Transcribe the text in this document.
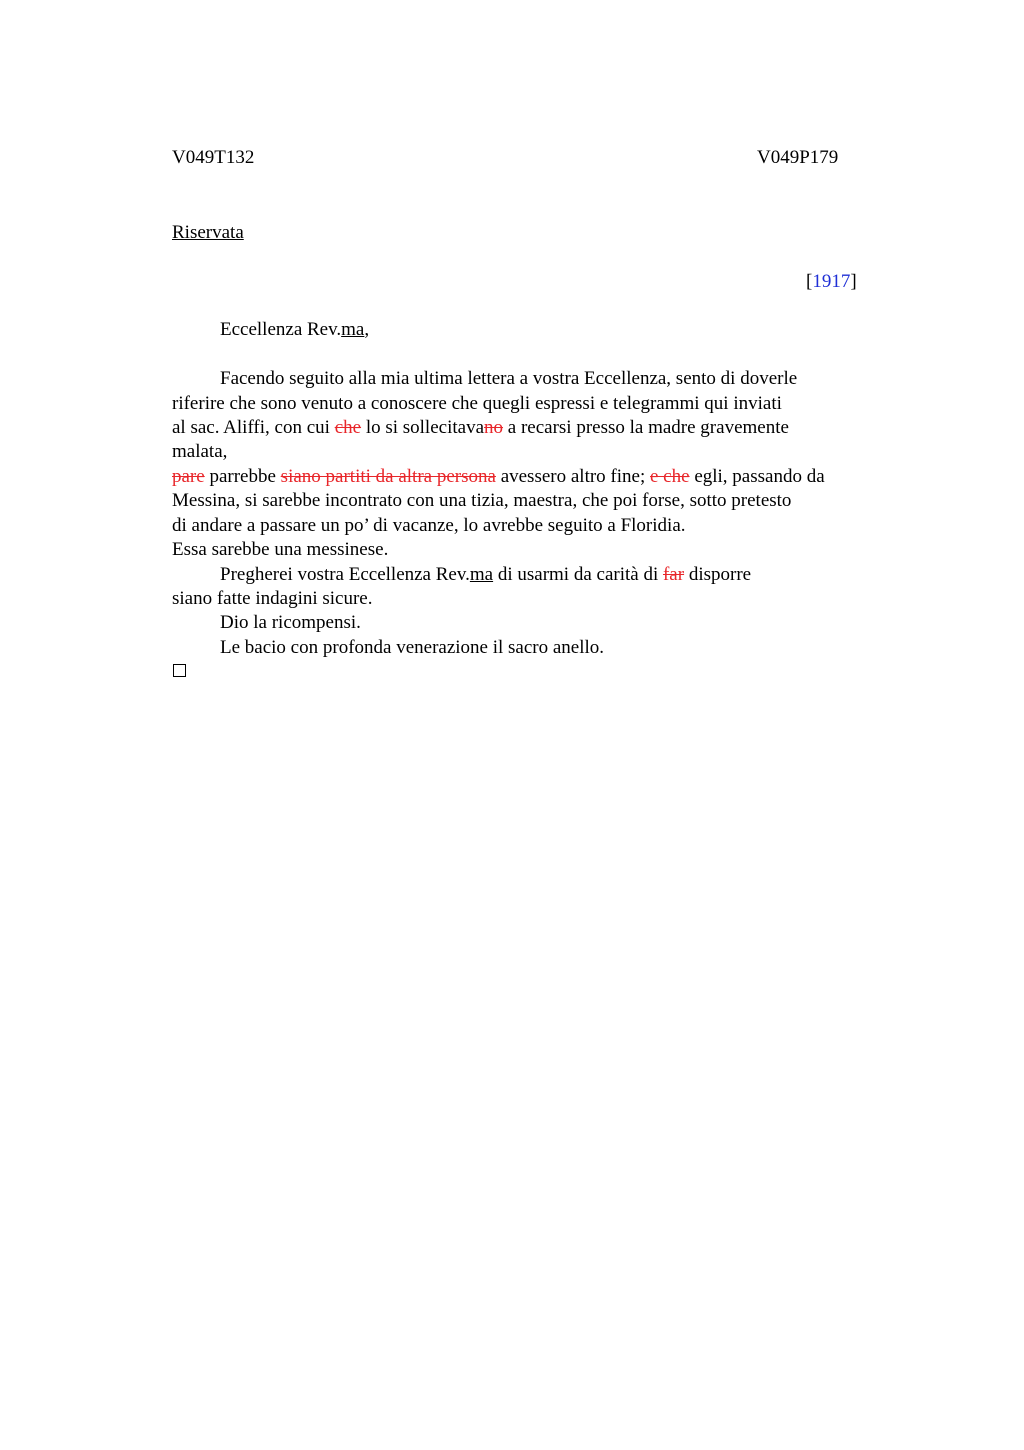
V049T132	V049P179
Riservata
[1917]
Eccellenza Rev.ma,
Facendo seguito alla mia ultima lettera a vostra Eccellenza, sento di doverle
riferire che sono venuto a conoscere che quegli espressi e telegrammi qui inviati
al sac. Aliffi, con cui che lo si sollecitavano a recarsi presso la madre gravemente
malata,
pare parrebbe siano partiti da altra persona avessero altro fine; e che egli, passando da
Messina, si sarebbe incontrato con una tizia, maestra, che poi forse, sotto pretesto
di andare a passare un po’ di vacanze, lo avrebbe seguito a Floridia.
Essa sarebbe una messinese.
Pregherei vostra Eccellenza Rev.ma di usarmi da carità di far disporre
siano fatte indagini sicure.
Dio la ricompensi.
Le bacio con profonda venerazione il sacro anello.
